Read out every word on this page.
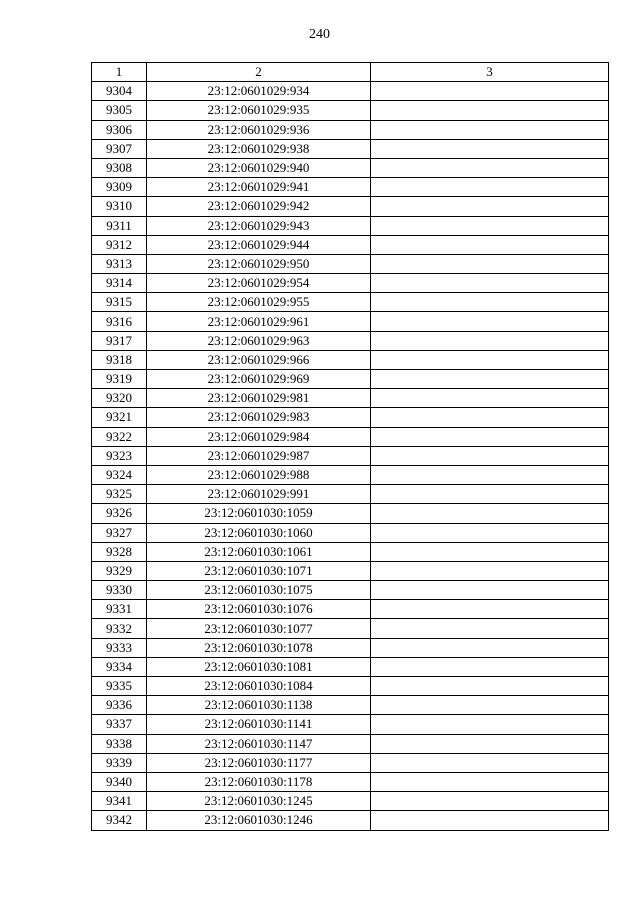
240
1	2	3
9304	23:12:0601029:934	
9305	23:12:0601029:935	
9306	23:12:0601029:936	
9307	23:12:0601029:938	
9308	23:12:0601029:940	
9309	23:12:0601029:941	
9310	23:12:0601029:942	
9311	23:12:0601029:943	
9312	23:12:0601029:944	
9313	23:12:0601029:950	
9314	23:12:0601029:954	
9315	23:12:0601029:955	
9316	23:12:0601029:961	
9317	23:12:0601029:963	
9318	23:12:0601029:966	
9319	23:12:0601029:969	
9320	23:12:0601029:981	
9321	23:12:0601029:983	
9322	23:12:0601029:984	
9323	23:12:0601029:987	
9324	23:12:0601029:988	
9325	23:12:0601029:991	
9326	23:12:0601030:1059	
9327	23:12:0601030:1060	
9328	23:12:0601030:1061	
9329	23:12:0601030:1071	
9330	23:12:0601030:1075	
9331	23:12:0601030:1076	
9332	23:12:0601030:1077	
9333	23:12:0601030:1078	
9334	23:12:0601030:1081	
9335	23:12:0601030:1084	
9336	23:12:0601030:1138	
9337	23:12:0601030:1141	
9338	23:12:0601030:1147	
9339	23:12:0601030:1177	
9340	23:12:0601030:1178	
9341	23:12:0601030:1245	
9342	23:12:0601030:1246	
